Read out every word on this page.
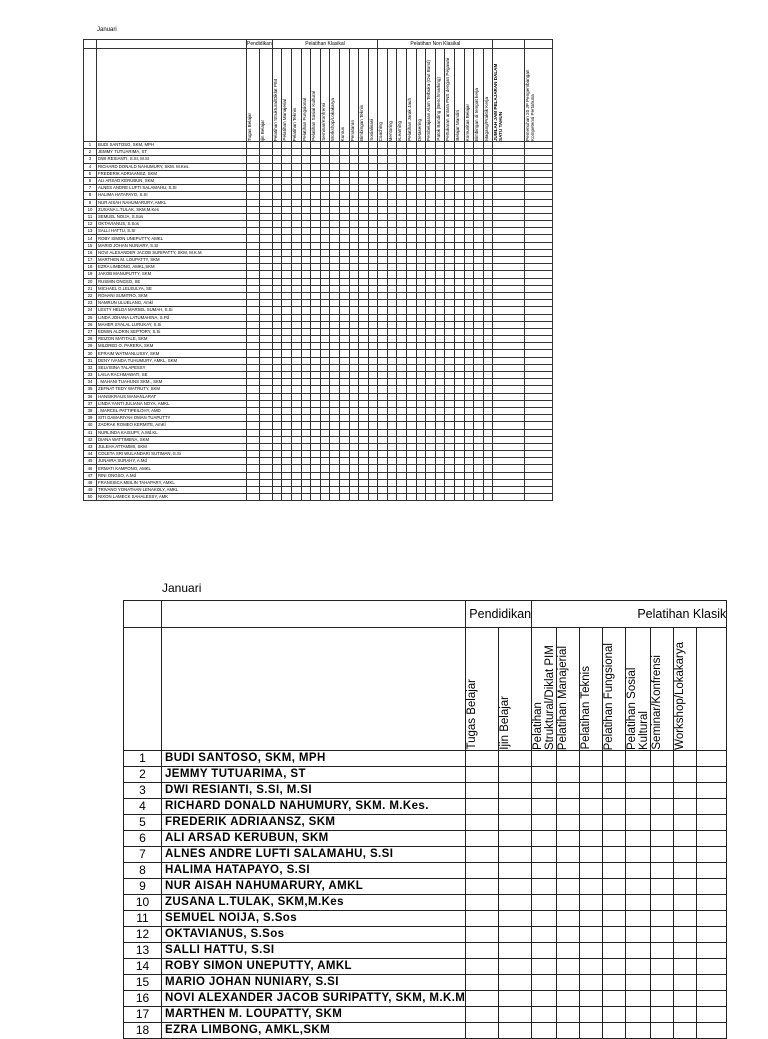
Januari
		Pendidikan		Pelatihan Klasikal											Pelatihan Non Klasikal													

		Tugas Belajar	Ijin Belajar	Pelatihan Struktural/Diklat PIM	Pelatihan Manajerial	Pelatihan Teknis	Pelatihan Fungsional	Pelatihan Sosial Kultural	Seminar/Konfrensi	Workshop/Lokakarya	Kursus	Penataran	Bimbingan Teknis	Sosialisasi	Coaching	Mentoring	eLearning	Pelatihan Jarak Jauh	Detasering	Pembelajaran Alam Terbuka (Out Bond)	Patok Banding (Benchmarking)	Pertukaran antara PNS dengan Pegawai	Belajar Mandiri	Komunitas Belajar	Bimbingan di tempat kerja	Magang/Praktik Kerja	JUMLAH JAM PELAJARAN DALAM SATU TAHUN	Pemenuhan 20 JP Pengembangan Kompetensi Pertahuna

1	BUDI SANTOSO, SKM, MPH																											
2	JEMMY TUTUARIMA, ST																											
3	DWI RESIANTI, S.SI, M.SI																											
4	RICHARD DONALD NAHUMURY, SKM. M.Kes.																											
5	FREDERIK ADRIAANSZ, SKM																											
6	ALI ARSAD KERUBUN, SKM																											
7	ALNES ANDRE LUFTI SALAMAHU, S.SI																											
8	HALIMA HATAPAYO, S.SI																											
9	NUR AISAH NAHUMARURY, AMKL																											
10	ZUSANA L.TULAK, SKM,M.Kes																											
11	SEMUEL NOIJA, S.Sos																											
12	OKTAVIANUS, S.Sos																											
13	SALLI HATTU, S.SI																											
14	ROBY SIMON UNEPUTTY, AMKL																											
15	MARIO JOHAN NUNIARY, S.SI																											
16	NOVI ALEXANDER JACOB SURIPATTY, SKM, M.K.M																											
17	MARTHEN M. LOUPATTY, SKM																											
18	EZRA LIMBONG, AMKL,SKM																											
19	JAKOB MANUPUTTY, SKM																											
20	RUSMIN ONGSO, SE																											
21	MICHAEL G.LELEULYA, SE																											
22	ROHANI SUMITRO, SKM																											
23	NAMRUN ULUELANG, Amkl																											
24	LESTY HELDA MARSEL SUMAH, S.Si																											
25	LINDA JOHANA LATUMAHINA, S.Pd																											
26	MAHER SYALAL LURUKAY, S.Si																											
27	EDWIN ALDRIN SEPTORY, S.Si																											
28	REIZON MATITALE, SKM																											
29	MILDRED O. PARERA, SKM																											
30	EFRAIM WATMANLUSSY, SKM																											
31	DENY IVANDA TUHUMURY, AMKL, SKM																											
32	SELVISINA TALAPESSY																											
33	LAILA RACHMAWATI, SE																											
34	. MAHANI TUAHUNS SKM., SKM																											
35	ZEFNAT TEDY WATRUTY, SKM																											
36	HANSIKRAUS MANANLARAT																											
37	LINDA YANTI JULIANA NOYA, AMKL																											
38	. MARCEL PATTIPEILOHY, AMD																											
39	SITI GAMARIYAH OMAN TUAPUTTY																											
40	ZADRAK ROMEO KERMITE, AmKl																											
41	NURLINDA KAISUPY, A.Md.KL																											
42	DIANA WATTIMENA, SKM																											
43	JULEHA ATTAMIMI, SKM																											
44	COLETA SRI WULANDARI SUTIMAN, S.Si																											
45	JUNAIRA SURAHY, A.Md																											
46	ERMATI KAMPONO, AMKL																											
47	RINI ONGSO, A.Md																											
48	FRANSISCA MEILIN TAHAPARY, AMKL																											
49	TRIVANO YONATHAN LENAKOLY, AMKL																											
50	NIXON LAMECK SAHALESSY, AMK																											
Januari
		Pendidikan		Pelatihan Klasik							

		Tugas Belajar	Ijin Belajar	Pelatihan Struktural/Diklat PIM	Pelatihan Manajerial	Pelatihan Teknis	Pelatihan Fungsional	Pelatihan Sosial Kultural	Seminar/Konfrensi	Workshop/Lokakarya	

1	BUDI SANTOSO, SKM, MPH										
2	JEMMY TUTUARIMA, ST										
3	DWI RESIANTI, S.SI, M.SI										
4	RICHARD DONALD NAHUMURY, SKM. M.Kes.										
5	FREDERIK ADRIAANSZ, SKM										
6	ALI ARSAD KERUBUN, SKM										
7	ALNES ANDRE LUFTI SALAMAHU, S.SI										
8	HALIMA HATAPAYO, S.SI										
9	NUR AISAH NAHUMARURY, AMKL										
10	ZUSANA L.TULAK, SKM,M.Kes										
11	SEMUEL NOIJA, S.Sos										
12	OKTAVIANUS, S.Sos										
13	SALLI HATTU, S.SI										
14	ROBY SIMON UNEPUTTY, AMKL										
15	MARIO JOHAN NUNIARY, S.SI										
16	NOVI ALEXANDER JACOB SURIPATTY, SKM, M.K.M										
17	MARTHEN M. LOUPATTY, SKM										
18	EZRA LIMBONG, AMKL,SKM										
